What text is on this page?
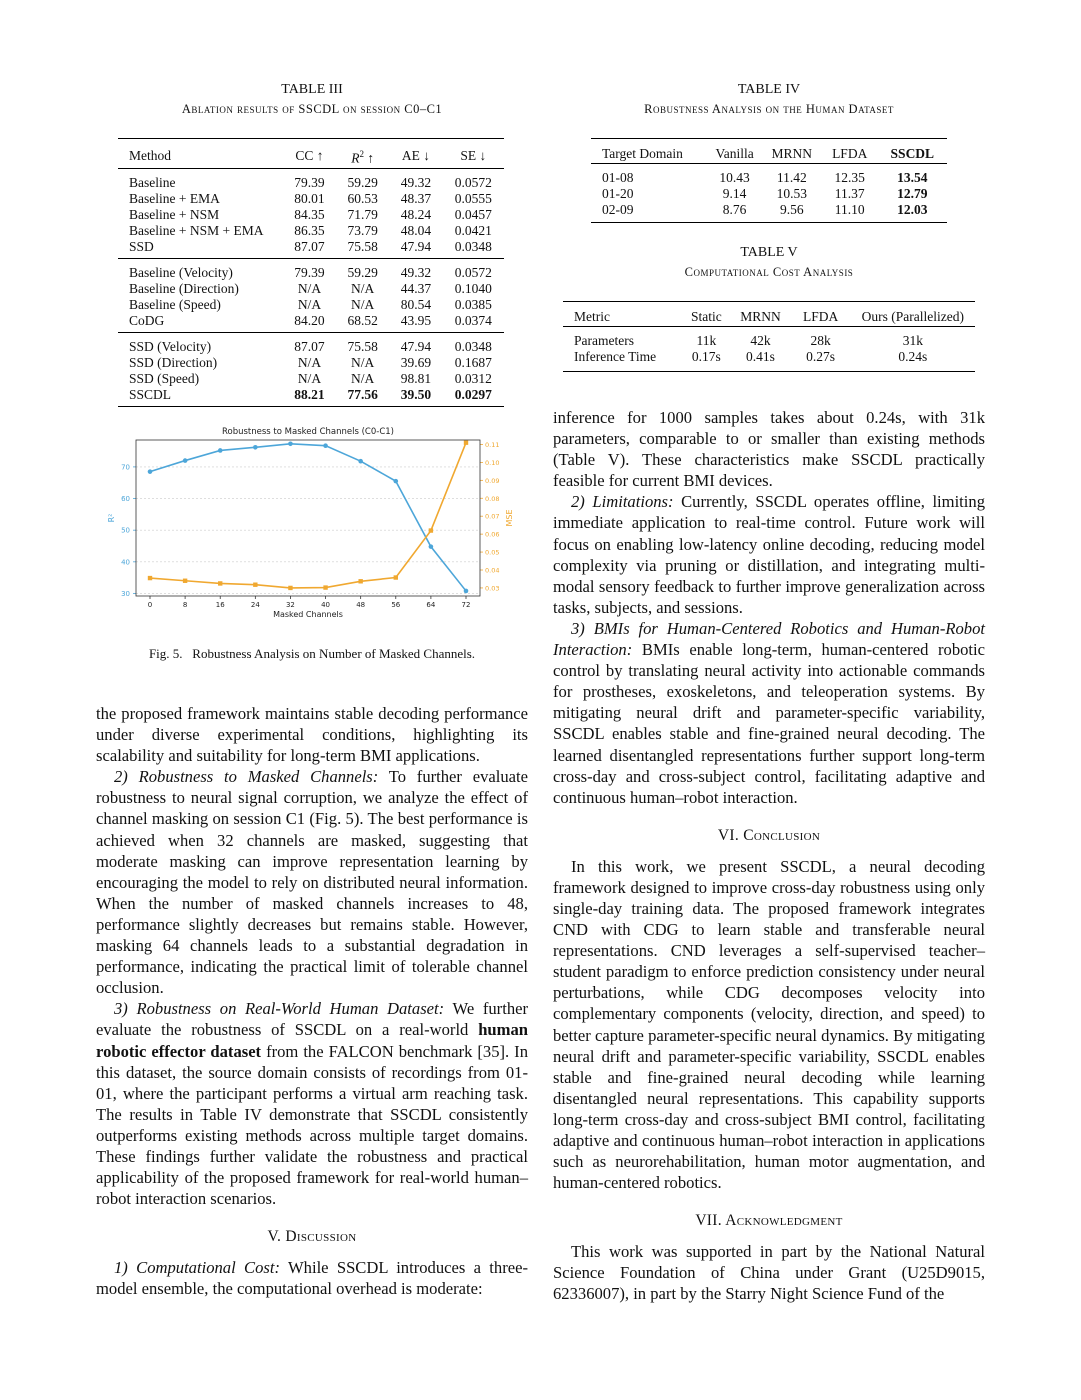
TABLE III
Ablation results of SSCDL on session C0–C1
Method	CC ↑	$R^2$ ↑	AE ↓	SE ↓
Baseline	79.39	59.29	49.32	0.0572
Baseline + EMA	80.01	60.53	48.37	0.0555
Baseline + NSM	84.35	71.79	48.24	0.0457
Baseline + NSM + EMA	86.35	73.79	48.04	0.0421
SSD	87.07	75.58	47.94	0.0348
Baseline (Velocity)	79.39	59.29	49.32	0.0572
Baseline (Direction)	N/A	N/A	44.37	0.1040
Baseline (Speed)	N/A	N/A	80.54	0.0385
CoDG	84.20	68.52	43.95	0.0374
SSD (Velocity)	87.07	75.58	47.94	0.0348
SSD (Direction)	N/A	N/A	39.69	0.1687
SSD (Speed)	N/A	N/A	98.81	0.0312
SSCDL	88.21	77.56	39.50	0.0297
Robustness to Masked Channels (C0-C1)
30
40
50
60
70
0.03
0.04
0.05
0.06
0.07
0.08
0.09
0.10
0.11
0	8	16	24	32	40	48	56	64	72
Masked Channels
R²	MSE
Fig. 5.   Robustness Analysis on Number of Masked Channels.

the proposed framework maintains stable decoding performance under diverse experimental conditions, highlighting its scalability and suitability for long-term BMI applications.

2) Robustness to Masked Channels: To further evaluate robustness to neural signal corruption, we analyze the effect of channel masking on session C1 (Fig. 5). The best performance is achieved when 32 channels are masked, suggesting that moderate masking can improve representation learning by encouraging the model to rely on distributed neural information. When the number of masked channels increases to 48, performance slightly decreases but remains stable. However, masking 64 channels leads to a substantial degradation in performance, indicating the practical limit of tolerable channel occlusion.

3) Robustness on Real-World Human Dataset: We further evaluate the robustness of SSCDL on a real-world human robotic effector dataset from the FALCON benchmark [35]. In this dataset, the source domain consists of recordings from 01-01, where the participant performs a virtual arm reaching task. The results in Table IV demonstrate that SSCDL consistently outperforms existing methods across multiple target domains. These findings further validate the robustness and practical applicability of the proposed framework for real-world human–robot interaction scenarios.

V. Discussion

1) Computational Cost: While SSCDL introduces a three-model ensemble, the computational overhead is moderate:

TABLE IV
Robustness Analysis on the Human Dataset
Target Domain	Vanilla	MRNN	LFDA	SSCDL
01-08	10.43	11.42	12.35	13.54
01-20	9.14	10.53	11.37	12.79
02-09	8.76	9.56	11.10	12.03
TABLE V
Computational Cost Analysis
Metric	Static	MRNN	LFDA	Ours (Parallelized)
Parameters	11k	42k	28k	31k
Inference Time	0.17s	0.41s	0.27s	0.24s

inference for 1000 samples takes about 0.24s, with 31k parameters, comparable to or smaller than existing methods (Table V). These characteristics make SSCDL practically feasible for current BMI devices.

2) Limitations: Currently, SSCDL operates offline, limiting immediate application to real-time control. Future work will focus on enabling low-latency online decoding, reducing model complexity via pruning or distillation, and integrating multi-modal sensory feedback to further improve generalization across tasks, subjects, and sessions.

3) BMIs for Human-Centered Robotics and Human-Robot Interaction: BMIs enable long-term, human-centered robotic control by translating neural activity into actionable commands for prostheses, exoskeletons, and teleoperation systems. By mitigating neural drift and parameter-specific variability, SSCDL enables stable and fine-grained neural decoding. The learned disentangled representations further support long-term cross-day and cross-subject control, facilitating adaptive and continuous human–robot interaction.

VI. Conclusion

In this work, we present SSCDL, a neural decoding framework designed to improve cross-day robustness using only single-day training data. The proposed framework integrates CND with CDG to learn stable and transferable neural representations. CND leverages a self-supervised teacher–student paradigm to enforce prediction consistency under neural perturbations, while CDG decomposes velocity into complementary components (velocity, direction, and speed) to better capture parameter-specific neural dynamics. By mitigating neural drift and parameter-specific variability, SSCDL enables stable and fine-grained neural decoding while learning disentangled neural representations. This capability supports long-term cross-day and cross-subject BMI control, facilitating adaptive and continuous human–robot interaction in applications such as neurorehabilitation, human motor augmentation, and human-centered robotics.

VII. Acknowledgment

This work was supported in part by the National Natural Science Foundation of China under Grant (U25D9015, 62336007), in part by the Starry Night Science Fund of the
